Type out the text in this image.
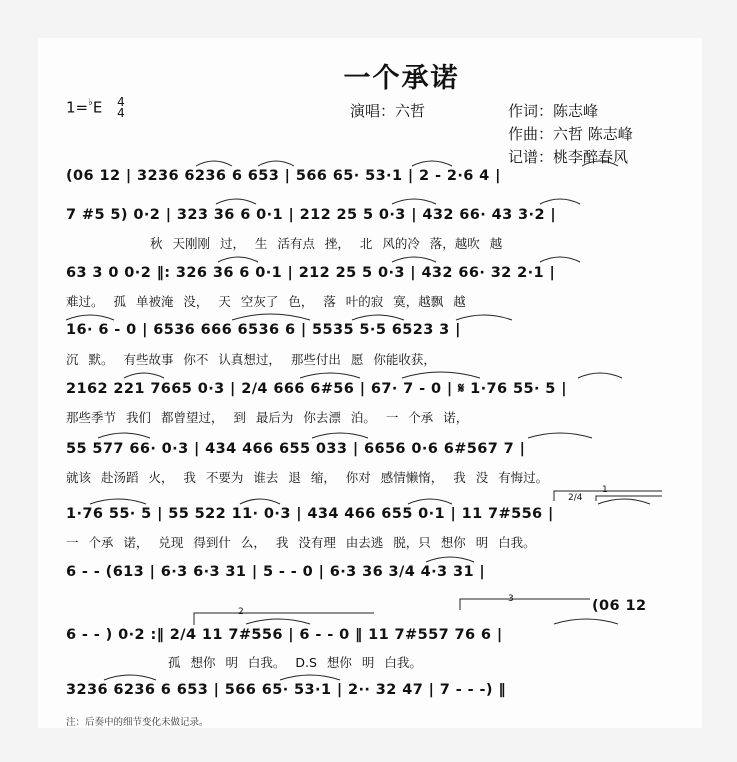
一个承诺
1=♭E 4
4	演唱：六哲	作词：陈志峰
作曲：六哲 陈志峰
记谱：桃李醉春风
(06 12 | 3236 6236 6 653 | 566 65· 53·1 | 2 - 2·6 4 |
7 #5 5) 0·2 | 323 36 6 0·1 | 212 25 5 0·3 | 432 66· 43 3·2 |
秋 天刚刚 过， 生 活有点 挫， 北 风的冷 落，越吹 越
63 3 0 0·2 ‖: 326 36 6 0·1 | 212 25 5 0·3 | 432 66· 32 2·1 |
难过。 孤 单被淹 没， 天 空灰了 色， 落 叶的寂 寞，越飘 越
16· 6 - 0 | 6536 666 6536 6 | 5535 5·5 6523 3 |
沉 默。 有些故事 你不 认真想过， 那些付出 愿 你能收获，
2162 221 7665 0·3 | 2/4 666 6#56 | 67· 7 - 0 | 𝄋 1·76 55· 5 |
那些季节 我们 都曾望过， 到 最后为 你去漂 泊。 一 个承 诺，
55 577 66· 0·3 | 434 466 655 033 | 6656 0·6 6#567 7 |
就该 赴汤蹈 火， 我 不要为 谁去 退 缩， 你对 感情懒惰， 我 没 有悔过。
2/4
1
1·76 55· 5 | 55 522 11· 0·3 | 434 466 655 0·1 | 11 7#556 |
一 个承 诺， 兑现 得到什 么， 我 没有理 由去逃 脱，只 想你 明 白我。
6 - - (613 | 6·3 6·3 31 | 5 - - 0 | 6·3 36 3/4 4·3 31 |
2
3	(06 12
6 - - ) 0·2 :‖ 2/4 11 7#556 | 6 - - 0 ‖ 11 7#557 76 6 |
孤 想你 明 白我。 D.S 想你 明 白我。
3236 6236 6 653 | 566 65· 53·1 | 2·· 32 47 | 7 - - -) ‖
注：后奏中的细节变化未做记录。
